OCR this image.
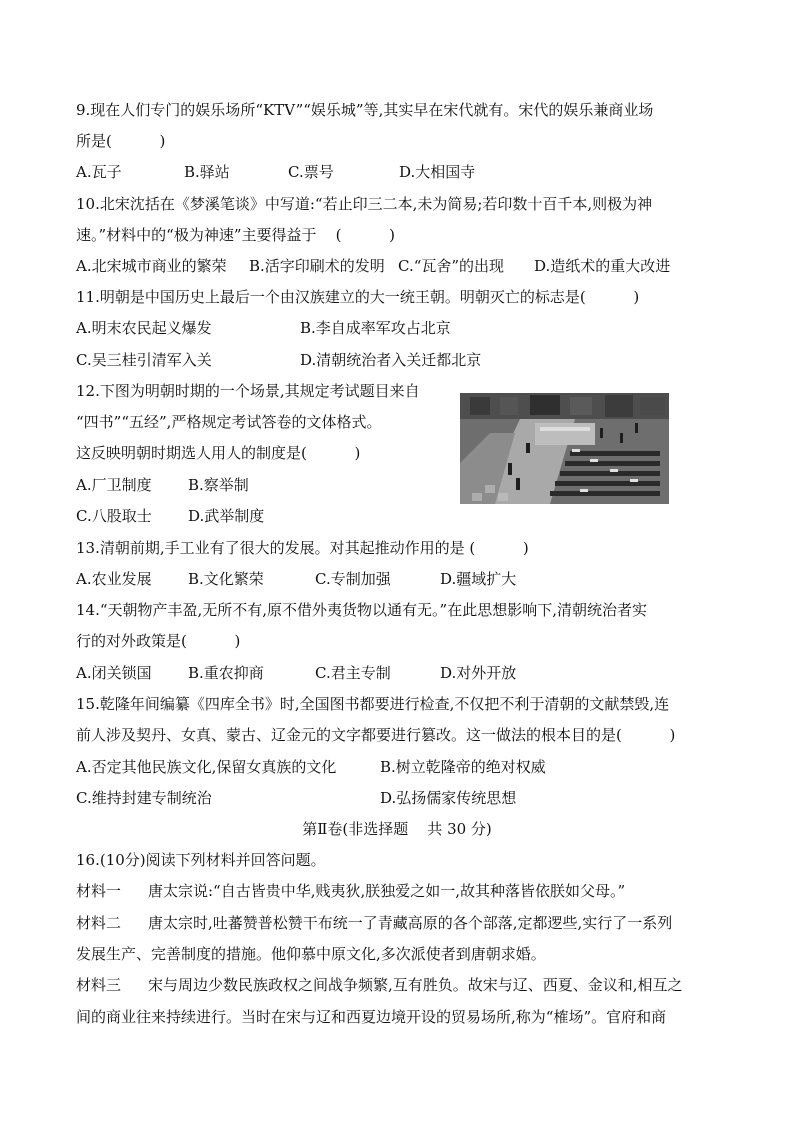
9.现在人们专门的娱乐场所“KTV”“娱乐城”等,其实早在宋代就有。宋代的娱乐兼商业场
所是(          )
A.瓦子	B.驿站	C.票号	D.大相国寺
10.北宋沈括在《梦溪笔谈》中写道:“若止印三二本,未为简易;若印数十百千本,则极为神
速。”材料中的“极为神速”主要得益于    (          )
A.北宋城市商业的繁荣 B.活字印刷术的发明 C.“瓦舍”的出现 D.造纸术的重大改进
11.明朝是中国历史上最后一个由汉族建立的大一统王朝。明朝灭亡的标志是(          )
A.明末农民起义爆发	B.李自成率军攻占北京
C.吴三桂引清军入关	D.清朝统治者入关迁都北京
12.下图为明朝时期的一个场景,其规定考试题目来自
“四书”“五经”,严格规定考试答卷的文体格式。
这反映明朝时期选人用人的制度是(          )
A.厂卫制度 B.察举制
C.八股取士 D.武举制度
13.清朝前期,手工业有了很大的发展。对其起推动作用的是 (          )
A.农业发展 B.文化繁荣	C.专制加强	D.疆域扩大
14.“天朝物产丰盈,无所不有,原不借外夷货物以通有无。”在此思想影响下,清朝统治者实
行的对外政策是(          )
A.闭关锁国 B.重农抑商	C.君主专制	D.对外开放
15.乾隆年间编纂《四库全书》时,全国图书都要进行检查,不仅把不利于清朝的文献禁毁,连
前人涉及契丹、女真、蒙古、辽金元的文字都要进行篡改。这一做法的根本目的是(          )
A.否定其他民族文化,保留女真族的文化	B.树立乾隆帝的绝对权威
C.维持封建专制统治	D.弘扬儒家传统思想
第Ⅱ卷(非选择题    共 30 分)
16.(10分)阅读下列材料并回答问题。
材料一 唐太宗说:“自古皆贵中华,贱夷狄,朕独爱之如一,故其种落皆依朕如父母。”
材料二 唐太宗时,吐蕃赞普松赞干布统一了青藏高原的各个部落,定都逻些,实行了一系列
发展生产、完善制度的措施。他仰慕中原文化,多次派使者到唐朝求婚。
材料三 宋与周边少数民族政权之间战争频繁,互有胜负。故宋与辽、西夏、金议和,相互之
间的商业往来持续进行。当时在宋与辽和西夏边境开设的贸易场所,称为“榷场”。官府和商
